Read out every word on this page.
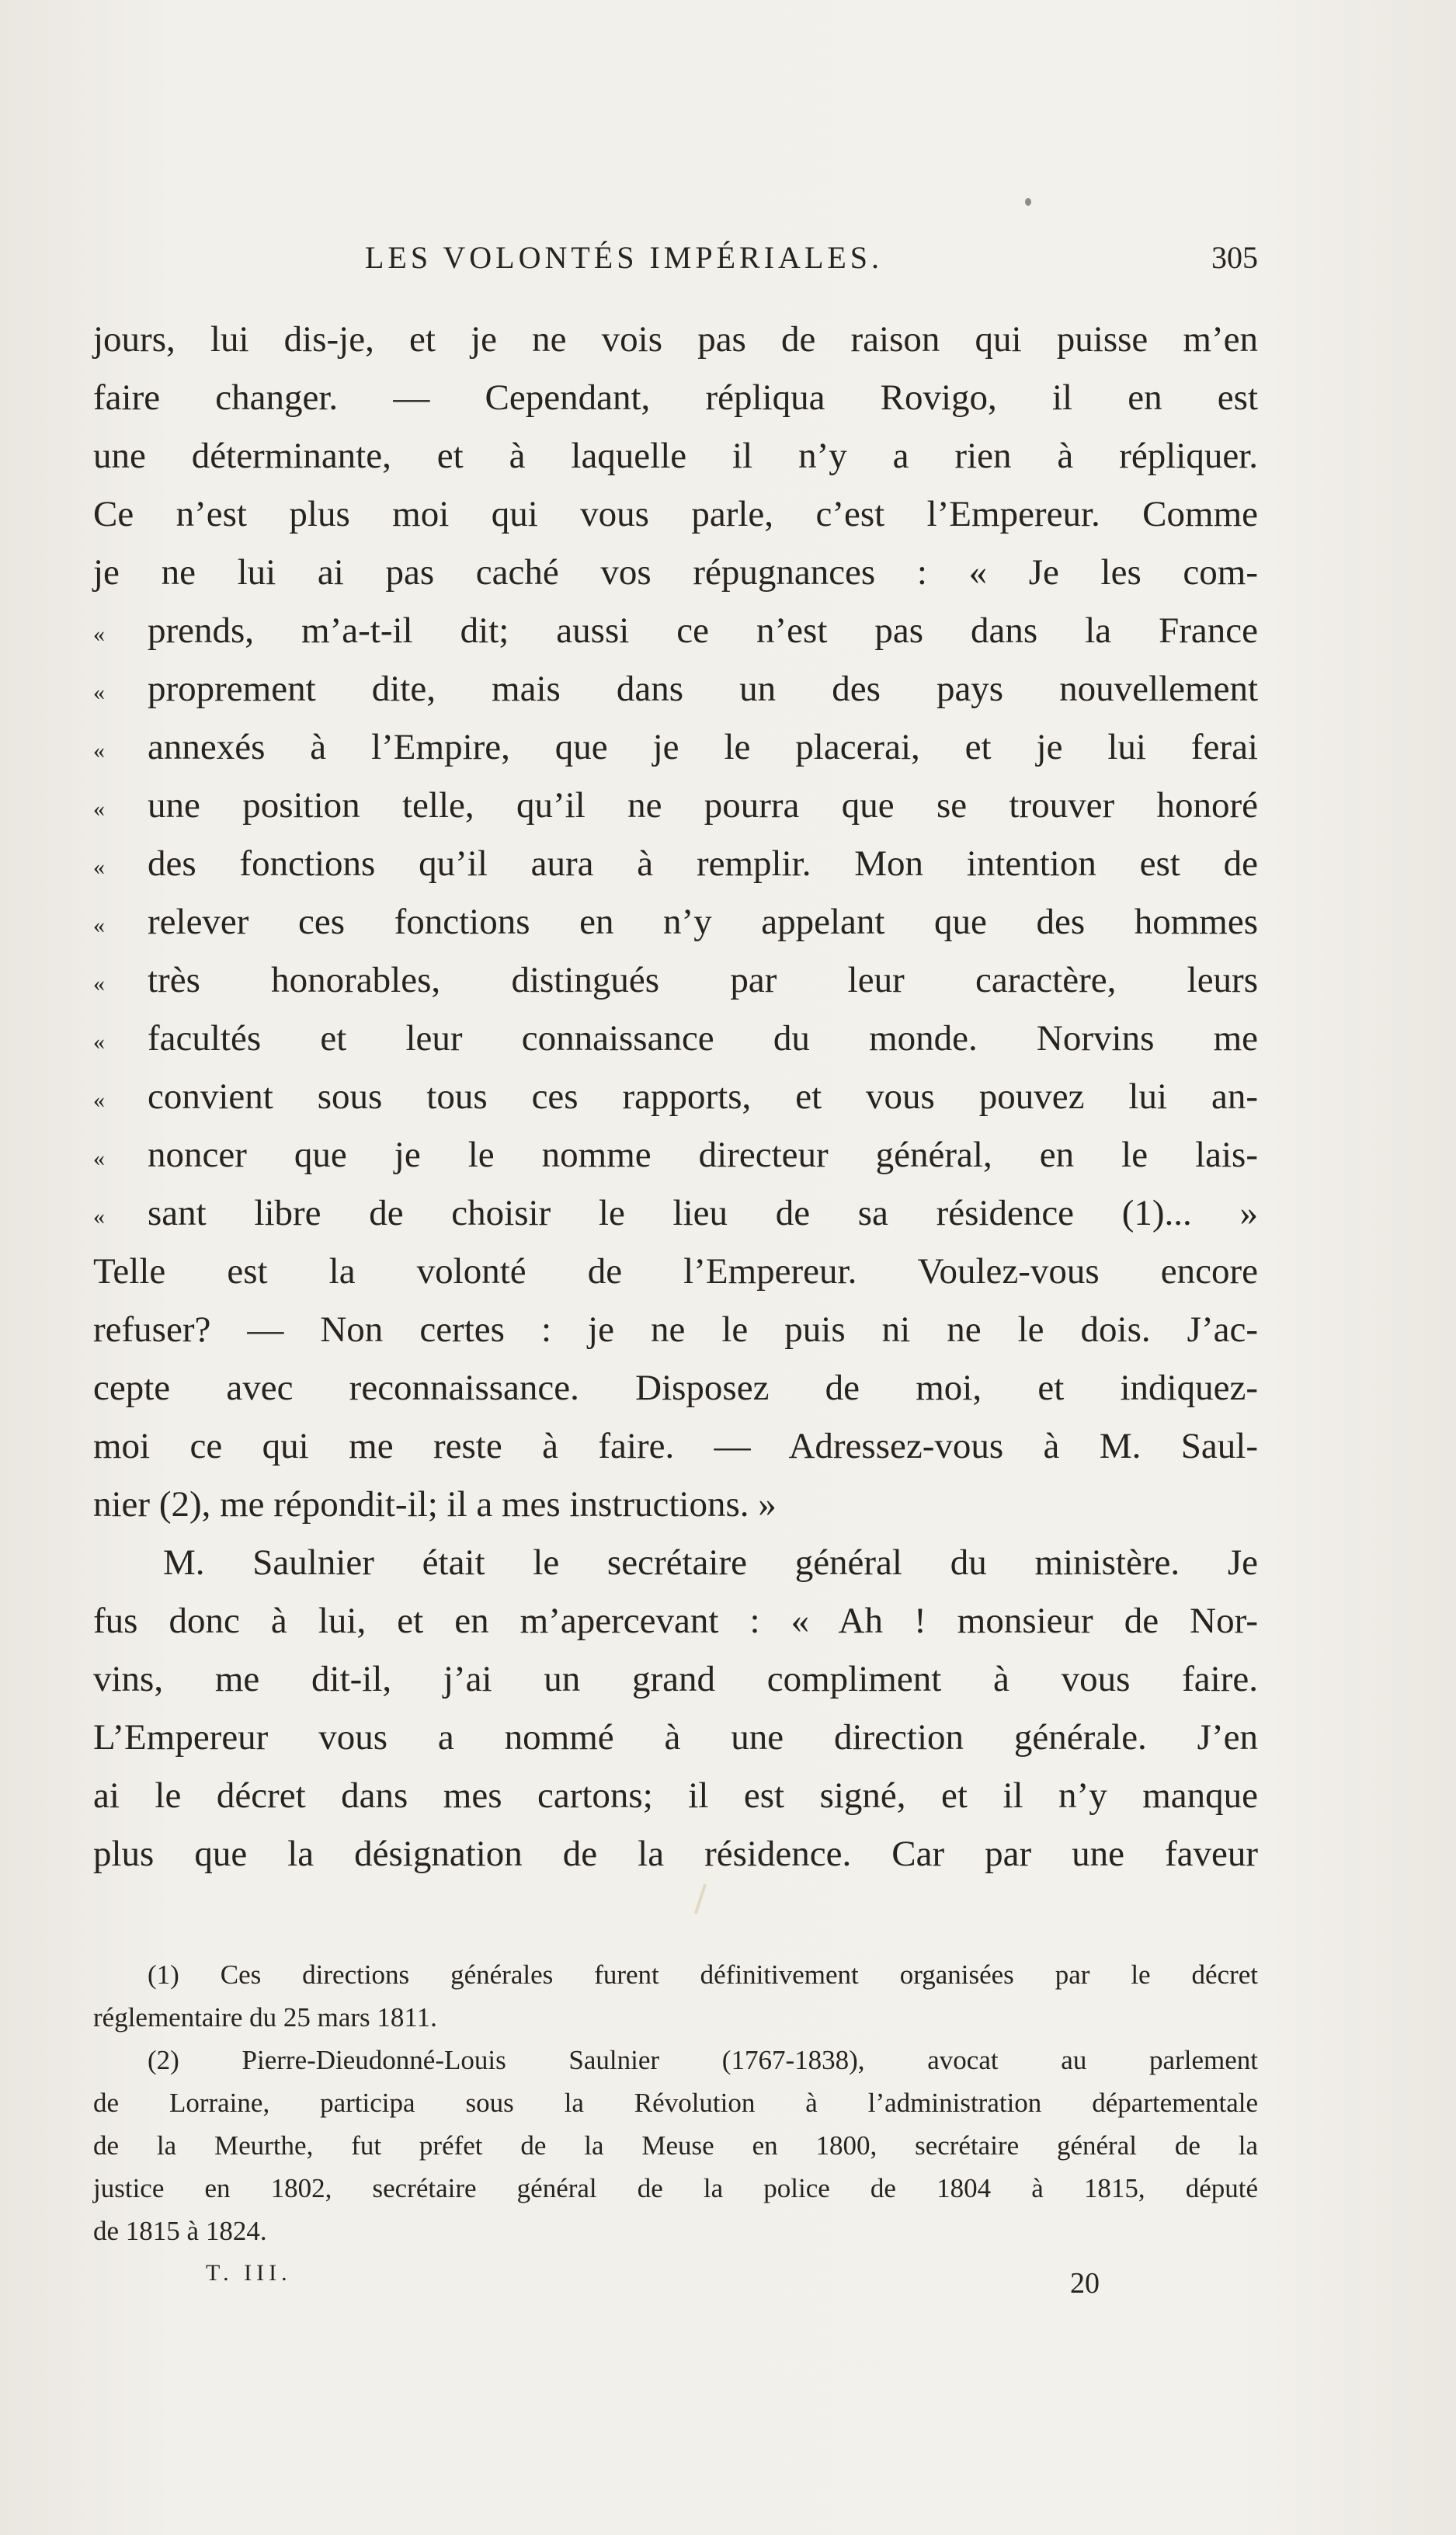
LES VOLONTÉS IMPÉRIALES.	305
jours, lui dis-je, et je ne vois pas de raison qui puisse m’en
faire changer. — Cependant, répliqua Rovigo, il en est
une déterminante, et à laquelle il n’y a rien à répliquer.
Ce n’est plus moi qui vous parle, c’est l’Empereur. Comme
je ne lui ai pas caché vos répugnances : « Je les com-
« prends, m’a-t-il dit; aussi ce n’est pas dans la France
« proprement dite, mais dans un des pays nouvellement
« annexés à l’Empire, que je le placerai, et je lui ferai
« une position telle, qu’il ne pourra que se trouver honoré
« des fonctions qu’il aura à remplir. Mon intention est de
« relever ces fonctions en n’y appelant que des hommes
« très honorables, distingués par leur caractère, leurs
« facultés et leur connaissance du monde. Norvins me
« convient sous tous ces rapports, et vous pouvez lui an-
« noncer que je le nomme directeur général, en le lais-
« sant libre de choisir le lieu de sa résidence (1)... »
Telle est la volonté de l’Empereur. Voulez-vous encore
refuser? — Non certes : je ne le puis ni ne le dois. J’ac-
cepte avec reconnaissance. Disposez de moi, et indiquez-
moi ce qui me reste à faire. — Adressez-vous à M. Saul-
nier (2), me répondit-il; il a mes instructions. »
M. Saulnier était le secrétaire général du ministère. Je
fus donc à lui, et en m’apercevant : « Ah ! monsieur de Nor-
vins, me dit-il, j’ai un grand compliment à vous faire.
L’Empereur vous a nommé à une direction générale. J’en
ai le décret dans mes cartons; il est signé, et il n’y manque
plus que la désignation de la résidence. Car par une faveur
(1) Ces directions générales furent définitivement organisées par le décret
réglementaire du 25 mars 1811.
(2) Pierre-Dieudonné-Louis Saulnier (1767-1838), avocat au parlement
de Lorraine, participa sous la Révolution à l’administration départementale
de la Meurthe, fut préfet de la Meuse en 1800, secrétaire général de la
justice en 1802, secrétaire général de la police de 1804 à 1815, député
de 1815 à 1824.
T. III.	20
